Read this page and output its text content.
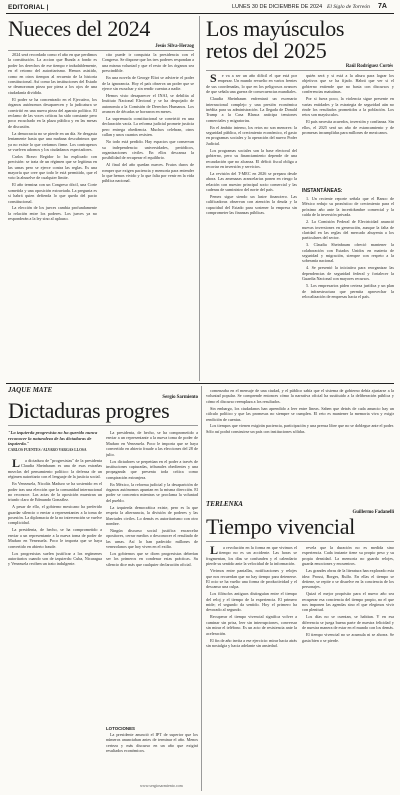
EDITORIAL |	LUNES 30 DE DICIEMBRE DE 2024 El Siglo de Torreón 7A
Nueces del 2024
Jesús Silva-Herzog

2024 será recordado como el año en que perdimos la constitución. La accion que Bunda a fondo es poder los derechos de ese tiempo e indudablemente, en el retorno del autoritarismo. Hemos asistido, como en otros tiempos al recuento de la historia constitucional. Así como las instituciones del Estado se desmoronan pieza por pieza a los ojos de una ciudadanía dividida.

El poder se ha concentrado en el Ejecutivo, los órganos autónomos desaparecen y la judicatura se convirtió en una nueva pieza del aparato político. El reclamo de las voces críticas ha sido constante pero poco escuchado en la plaza pública y en las mesas de discusión.

La democracia no se pierde en un día. Se desgasta lentamente hasta que una mañana descubrimos que ya no existe lo que creíamos firme. Los contrapesos se vuelven adornos y los ciudadanos espectadores.

Carlos Bravo Regidor lo ha explicado con precisión: se trata de un régimen que se legitima en las urnas pero se ejerce contra las reglas. Es una mayoría que cree que todo le está permitido, que el voto la absuelve de cualquier límite.

El año termina con un Congreso dócil, una Corte sometida y una oposición extraviada. La pregunta es si habrá quien defienda lo que queda del pacto constitucional.

La elección de los jueces cambia profundamente la relación entre los poderes. Los jueces ya no responderán a la ley sino al aplauso.

cito puede ir conquista la presidencia con el Congreso. Se dispone que los tres poderes respondan a una misma voluntad y que el resto de los órganos sea prescindible.

En una novela de George Eliot se advierte el poder de la ignorancia. Hoy el país observa un poder que se ejerce sin escuchar y sin rendir cuentas a nadie.

Hemos visto desaparecer el INAI, se debilita al Instituto Nacional Electoral y se ha despojado de autonomía a la Comisión de Derechos Humanos. Los avances de décadas se borraron en meses.

La supremacía constitucional se convirtió en una declaración vacía. La reforma judicial promete justicia pero entrega obediencia. Muchos celebran, otros callan y unos cuantos resisten.

No todo está perdido. Hay espacios que conservan su independencia: universidades, periódicos, organizaciones civiles. En ellos descansa la posibilidad de recuperar el equilibrio.

Al final del año quedan nueces. Frutos duros de romper que exigen paciencia y memoria para entender lo que hemos vivido y lo que falta por venir en la vida pública nacional.

Los mayúsculos
retos del 2025
Raúl Rodríguez Cortés

Se va a ser un año difícil el que está por empezar. Un mundo revuelto en varios frentes de sus coordenadas, lo que en los peligrosos avances de que señala una guerra de consecuencias mundiales.

Claudia Sheinbaum enfrentará un escenario internacional complejo y una presión económica inédita para su administración. La llegada de Donald Trump a la Casa Blanca anticipa tensiones comerciales y migratorias.

En el ámbito interno, los retos no son menores: la seguridad pública, el crecimiento económico, el gasto en programas sociales y la operación del nuevo Poder Judicial.

Los programas sociales son la base electoral del gobierno, pero su financiamiento depende de una recaudación que no alcanza. El déficit fiscal obliga a recortar en inversión y servicios.

La revisión del T-MEC en 2026 se prepara desde ahora. Las amenazas arancelarias ponen en riesgo la relación con nuestro principal socio comercial y las cadenas de suministro del norte del país.

Pemex sigue siendo un lastre financiero. Las calificadoras observan con atención la deuda y la capacidad del Estado para sostener la empresa sin comprometer las finanzas públicas.

quién será y si está a la altura para lograr los objetivos que se ha fijado. Habrá que ver si el gobierno entiende que no basta con discursos y conferencias matutinas.

Por si fuera poco, la violencia sigue presente en varias entidades y la estrategia de seguridad aún no rinde los resultados prometidos a la población. Los retos son mayúsculos.

El país necesita acuerdos, inversión y confianza. Sin ellos, el 2025 será un año de estancamiento y de promesas incumplidas para millones de mexicanos.

INSTANTÁNEAS:

1. Un reciente reporte señala que el Banco de México redujo su pronóstico de crecimiento para el próximo año ante la incertidumbre comercial y la caída de la inversión privada.

2. La Comisión Federal de Electricidad anunció nuevas inversiones en generación, aunque la falta de claridad en las reglas del mercado ahuyenta a los particulares del sector.

3. Claudia Sheinbaum ofreció mantener la colaboración con Estados Unidos en materia de seguridad y migración, siempre con respeto a la soberanía nacional.

4. Se presentó la iniciativa para reorganizar las dependencias de seguridad federal y fortalecer la Guardia Nacional con mayores recursos.

5. Los empresarios piden certeza jurídica y un plan de infraestructura que permita aprovechar la relocalización de empresas hacia el país.

JAQUE MATE
Sergio Sarmiento
Dictaduras progres
"La izquierda progresista no ha querido nunca reconocer la naturaleza de las dictaduras de izquierda."
CARLOS FUENTES / ALVARO VARGAS LLOSA

La dictadura de "progresistas" de la presidenta Claudia Sheinbaum es una de esas extrañas mezclas del pensamiento político: la defensa de un régimen autoritario con el lenguaje de la justicia social.

En Venezuela, Nicolás Maduro se ha sostenido en el poder tras una elección que la comunidad internacional no reconoce. Las actas de la oposición muestran un triunfo claro de Edmundo González.

A pesar de ello, el gobierno mexicano ha preferido guardar silencio o enviar a representantes a la toma de posesión. La diplomacia de la no intervención se vuelve complicidad.

La presidenta, de hecho, se ha comprometido a enviar a un representante a la nueva toma de poder de Maduro en Venezuela. Poco le importa que se haya convertido en abierto fraude.

Los progresistas suelen justificar a los regímenes autoritarios cuando son de izquierda: Cuba, Nicaragua y Venezuela reciben un trato indulgente.

La presidenta, de hecho, se ha comprometido a enviar a un representante a la nueva toma de poder de Maduro en Venezuela. Poco le importa que se haya convertido en abierto fraude a las elecciones del 28 de julio.

Los dictadores se perpetúan en el poder a través de instituciones capturadas, tribunales obedientes y una propaganda que presenta toda crítica como conspiración extranjera.

En México, la reforma judicial y la desaparición de órganos autónomos apuntan en la misma dirección. El poder se concentra mientras se proclama la voluntad del pueblo.

La izquierda democrática existe, pero es la que respeta la alternancia, la división de poderes y las libertades civiles. Lo demás es autoritarismo con otro nombre.

Ningún discurso social justifica encarcelar opositores, cerrar medios o desconocer el resultado de las urnas. Así lo han padecido millones de venezolanos que hoy viven en el exilio.

Los gobiernos que se dicen progresistas deberían ser los primeros en condenar estas prácticas. Su silencio dice más que cualquier declaración oficial.

LOTOCIONES

La presidente anunció el IPT de superior que los números anunciaban antes de terminar el año. Menos certeza y más discurso en un año que exigirá resultados económicos.

www.sergiosarmiento.com
TERLENKA
Guillermo Fadanelli
Tiempo vivencial

comenzaba en el mensaje de una ciudad, y el público sabía que el sistema de gobierno debía ajustarse a la voluntad popular. Se comprende entonces cómo la narrativa oficial ha sustituido a la deliberación pública y cómo el discurso reemplaza a los resultados.

Sin embargo, los ciudadanos han aprendido a leer entre líneas. Saben que detrás de cada anuncio hay un cálculo político y que las promesas no siempre se cumplen. El reto es mantener la memoria viva y exigir rendición de cuentas.

Los tiempos que vienen exigirán paciencia, participación y una prensa libre que no se doblegue ante el poder. Sólo así podrá construirse un país con instituciones sólidas.

La revolución en la forma en que vivimos el tiempo no es un accidente. Las horas se fragmentan, los días se confunden y el calendario pierde su sentido ante la velocidad de la información.

Vivimos entre pantallas, notificaciones y relojes que nos recuerdan que no hay tiempo para detenerse. El ocio se ha vuelto una forma de productividad y el descanso una culpa.

Los filósofos antiguos distinguían entre el tiempo del reloj y el tiempo de la experiencia. El primero mide; el segundo da sentido. Hoy el primero ha devorado al segundo.

Recuperar el tiempo vivencial significa volver a caminar sin prisa, leer sin interrupciones, conversar sin mirar el teléfono. Es un acto de resistencia ante la aceleración.

El fin de año invita a ese ejercicio: mirar hacia atrás sin nostalgia y hacia adelante sin ansiedad.

revela que la duración no es medida sino experiencia. Cada instante tiene su propio peso y su propia densidad. La memoria no guarda relojes, guarda emociones y encuentros.

Las grandes obras de la literatura han explorado esta idea: Proust, Borges, Rulfo. En ellas el tiempo se detiene, se repite o se disuelve en la conciencia de los personajes.

Quizá el mejor propósito para el nuevo año sea recuperar esa conciencia del tiempo propio, no el que nos imponen las agendas sino el que elegimos vivir con plenitud.

Los días no se cuentan, se habitan. Y en esa diferencia se juega buena parte de nuestra felicidad y de nuestra manera de estar en el mundo con los demás.

El tiempo vivencial no se acumula ni se ahorra. Se gasta bien o se pierde.
